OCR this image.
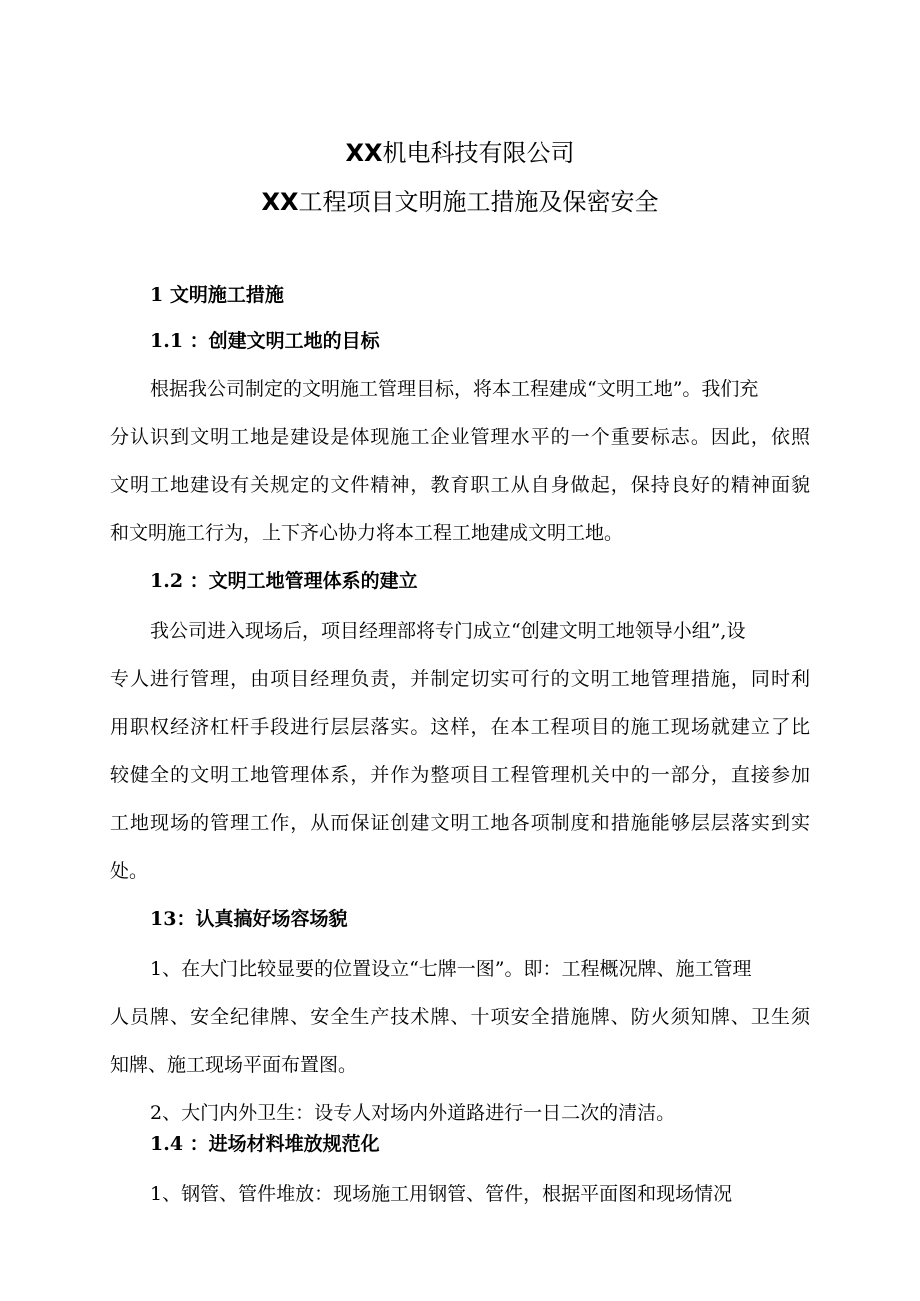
XX机电科技有限公司
XX工程项目文明施工措施及保密安全
1 文明施工措施
1.1 ：创建文明工地的目标
根据我公司制定的文明施工管理目标，将本工程建成“文明工地”。我们充
分认识到文明工地是建设是体现施工企业管理水平的一个重要标志。因此，依照
文明工地建设有关规定的文件精神，教育职工从自身做起，保持良好的精神面貌
和文明施工行为，上下齐心协力将本工程工地建成文明工地。
1.2 ：文明工地管理体系的建立
我公司进入现场后，项目经理部将专门成立“创建文明工地领导小组”,设
专人进行管理，由项目经理负责，并制定切实可行的文明工地管理措施，同时利
用职权经济杠杆手段进行层层落实。这样，在本工程项目的施工现场就建立了比
较健全的文明工地管理体系，并作为整项目工程管理机关中的一部分，直接参加
工地现场的管理工作，从而保证创建文明工地各项制度和措施能够层层落实到实
处。
13：认真搞好场容场貌
1、在大门比较显要的位置设立“七牌一图”。即：工程概况牌、施工管理
人员牌、安全纪律牌、安全生产技术牌、十项安全措施牌、防火须知牌、卫生须
知牌、施工现场平面布置图。
2、大门内外卫生：设专人对场内外道路进行一日二次的清洁。
1.4 ：进场材料堆放规范化
1、钢管、管件堆放：现场施工用钢管、管件，根据平面图和现场情况
